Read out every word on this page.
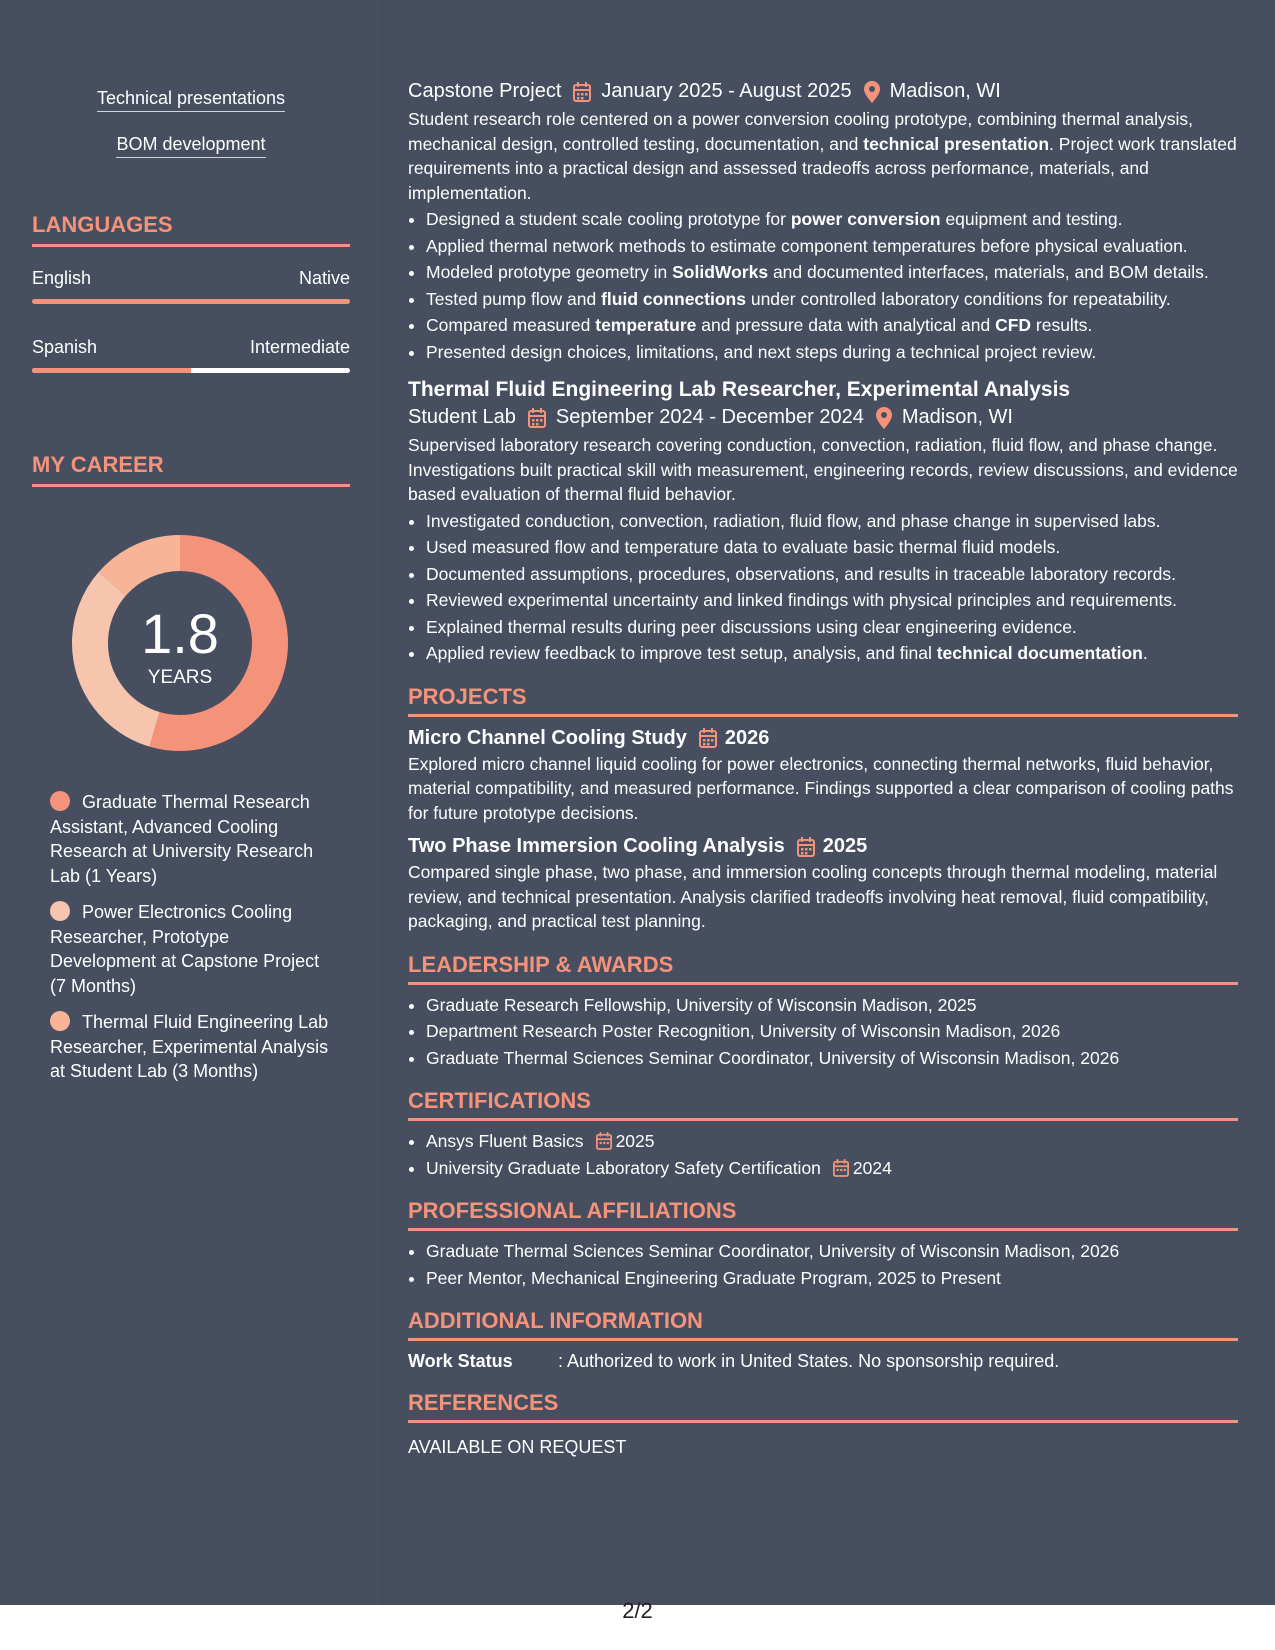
Technical presentations
BOM development
LANGUAGES
English	Native
Spanish	Intermediate
MY CAREER
1.8
YEARS
Graduate Thermal Research Assistant, Advanced Cooling Research at University Research Lab (1 Years)
Power Electronics Cooling Researcher, Prototype Development at Capstone Project (7 Months)
Thermal Fluid Engineering Lab Researcher, Experimental Analysis at Student Lab (3 Months)
Capstone Project January 2025 - August 2025 Madison, WI

Student research role centered on a power conversion cooling prototype, combining thermal analysis, mechanical design, controlled testing, documentation, and technical presentation. Project work translated requirements into a practical design and assessed tradeoffs across performance, materials, and implementation.

• Designed a student scale cooling prototype for power conversion equipment and testing.
• Applied thermal network methods to estimate component temperatures before physical evaluation.
• Modeled prototype geometry in SolidWorks and documented interfaces, materials, and BOM details.
• Tested pump flow and fluid connections under controlled laboratory conditions for repeatability.
• Compared measured temperature and pressure data with analytical and CFD results.
• Presented design choices, limitations, and next steps during a technical project review.
Thermal Fluid Engineering Lab Researcher, Experimental Analysis
Student Lab September 2024 - December 2024 Madison, WI

Supervised laboratory research covering conduction, convection, radiation, fluid flow, and phase change. Investigations built practical skill with measurement, engineering records, review discussions, and evidence based evaluation of thermal fluid behavior.

• Investigated conduction, convection, radiation, fluid flow, and phase change in supervised labs.
• Used measured flow and temperature data to evaluate basic thermal fluid models.
• Documented assumptions, procedures, observations, and results in traceable laboratory records.
• Reviewed experimental uncertainty and linked findings with physical principles and requirements.
• Explained thermal results during peer discussions using clear engineering evidence.
• Applied review feedback to improve test setup, analysis, and final technical documentation.
PROJECTS
Micro Channel Cooling Study 2026

Explored micro channel liquid cooling for power electronics, connecting thermal networks, fluid behavior, material compatibility, and measured performance. Findings supported a clear comparison of cooling paths for future prototype decisions.

Two Phase Immersion Cooling Analysis 2025

Compared single phase, two phase, and immersion cooling concepts through thermal modeling, material review, and technical presentation. Analysis clarified tradeoffs involving heat removal, fluid compatibility, packaging, and practical test planning.

LEADERSHIP & AWARDS
• Graduate Research Fellowship, University of Wisconsin Madison, 2025
• Department Research Poster Recognition, University of Wisconsin Madison, 2026
• Graduate Thermal Sciences Seminar Coordinator, University of Wisconsin Madison, 2026
CERTIFICATIONS
• Ansys Fluent Basics 2025
• University Graduate Laboratory Safety Certification 2024
PROFESSIONAL AFFILIATIONS
• Graduate Thermal Sciences Seminar Coordinator, University of Wisconsin Madison, 2026
• Peer Mentor, Mechanical Engineering Graduate Program, 2025 to Present
ADDITIONAL INFORMATION
Work Status	: Authorized to work in United States. No sponsorship required.
REFERENCES
AVAILABLE ON REQUEST
2/2
